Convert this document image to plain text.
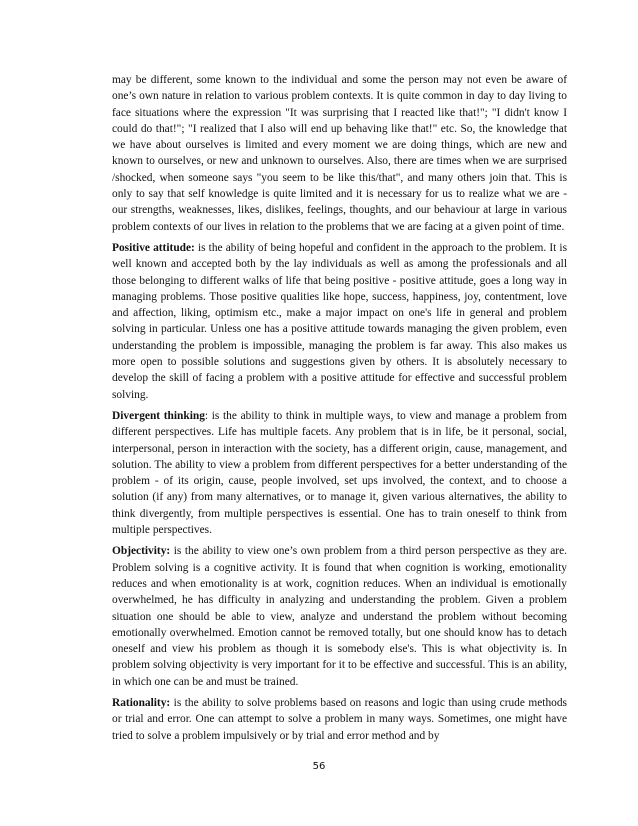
may be different, some known to the individual and some the person may not even be aware of one’s own nature in relation to various problem contexts. It is quite common in day to day living to face situations where the expression "It was surprising that I reacted like that!"; "I didn't know I could do that!"; "I realized that I also will end up behaving like that!" etc. So, the knowledge that we have about ourselves is limited and every moment we are doing things, which are new and known to ourselves, or new and unknown to ourselves. Also, there are times when we are surprised /shocked, when someone says "you seem to be like this/that", and many others join that. This is only to say that self knowledge is quite limited and it is necessary for us to realize what we are - our strengths, weaknesses, likes, dislikes, feelings, thoughts, and our behaviour at large in various problem contexts of our lives in relation to the problems that we are facing at a given point of time.

Positive attitude: is the ability of being hopeful and confident in the approach to the problem. It is well known and accepted both by the lay individuals as well as among the professionals and all those belonging to different walks of life that being positive - positive attitude, goes a long way in managing problems. Those positive qualities like hope, success, happiness, joy, contentment, love and affection, liking, optimism etc., make a major impact on one's life in general and problem solving in particular. Unless one has a positive attitude towards managing the given problem, even understanding the problem is impossible, managing the problem is far away. This also makes us more open to possible solutions and suggestions given by others. It is absolutely necessary to develop the skill of facing a problem with a positive attitude for effective and successful problem solving.

Divergent thinking: is the ability to think in multiple ways, to view and manage a problem from different perspectives. Life has multiple facets. Any problem that is in life, be it personal, social, interpersonal, person in interaction with the society, has a different origin, cause, management, and solution. The ability to view a problem from different perspectives for a better understanding of the problem - of its origin, cause, people involved, set ups involved, the context, and to choose a solution (if any) from many alternatives, or to manage it, given various alternatives, the ability to think divergently, from multiple perspectives is essential. One has to train oneself to think from multiple perspectives.

Objectivity: is the ability to view one’s own problem from a third person perspective as they are. Problem solving is a cognitive activity. It is found that when cognition is working, emotionality reduces and when emotionality is at work, cognition reduces. When an individual is emotionally overwhelmed, he has difficulty in analyzing and understanding the problem. Given a problem situation one should be able to view, analyze and understand the problem without becoming emotionally overwhelmed. Emotion cannot be removed totally, but one should know has to detach oneself and view his problem as though it is somebody else's. This is what objectivity is. In problem solving objectivity is very important for it to be effective and successful. This is an ability, in which one can be and must be trained.

Rationality: is the ability to solve problems based on reasons and logic than using crude methods or trial and error. One can attempt to solve a problem in many ways. Sometimes, one might have tried to solve a problem impulsively or by trial and error method and by

56
